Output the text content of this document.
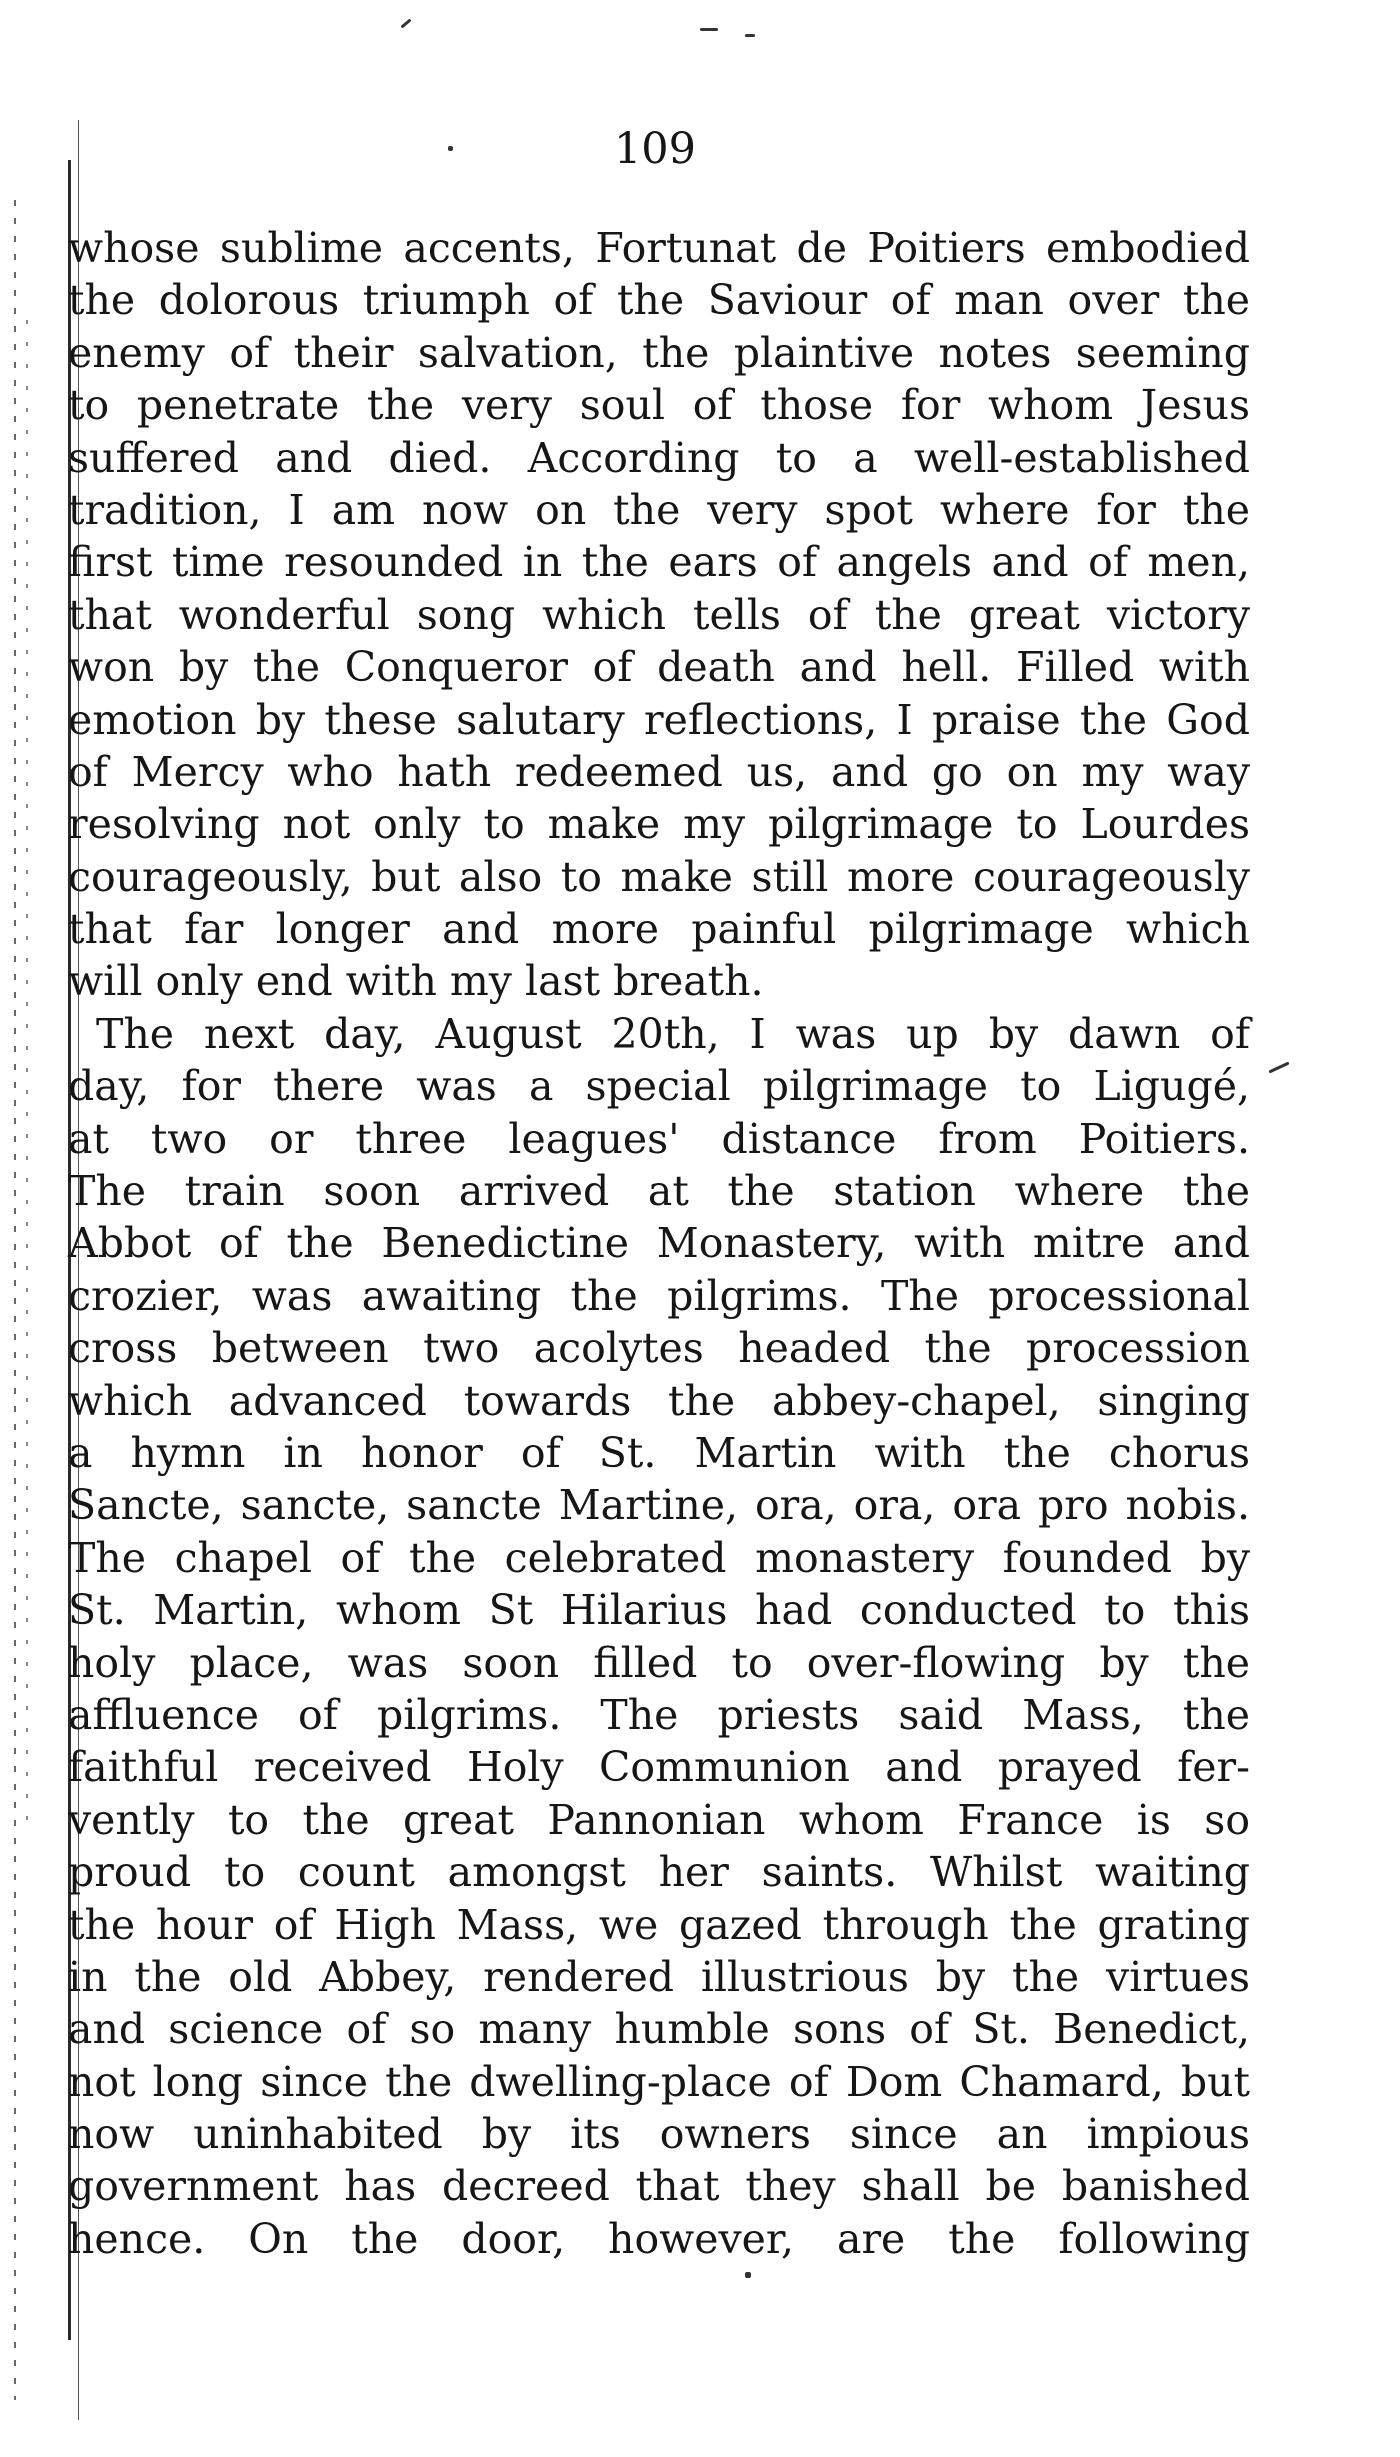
109
whose sublime accents, Fortunat de Poitiers embodied
the dolorous triumph of the Saviour of man over the
enemy of their salvation, the plaintive notes seeming
to penetrate the very soul of those for whom Jesus
suffered and died. According to a well-established
tradition, I am now on the very spot where for the
first time resounded in the ears of angels and of men,
that wonderful song which tells of the great victory
won by the Conqueror of death and hell. Filled with
emotion by these salutary reflections, I praise the God
of Mercy who hath redeemed us, and go on my way
resolving not only to make my pilgrimage to Lourdes
courageously, but also to make still more courageously
that far longer and more painful pilgrimage which
will only end with my last breath.
The next day, August 20th, I was up by dawn of
day, for there was a special pilgrimage to Ligugé,
at two or three leagues' distance from Poitiers.
The train soon arrived at the station where the
Abbot of the Benedictine Monastery, with mitre and
crozier, was awaiting the pilgrims. The processional
cross between two acolytes headed the procession
which advanced towards the abbey-chapel, singing
a hymn in honor of St. Martin with the chorus
Sancte, sancte, sancte Martine, ora, ora, ora pro nobis.
The chapel of the celebrated monastery founded by
St. Martin, whom St Hilarius had conducted to this
holy place, was soon filled to over-flowing by the
affluence of pilgrims. The priests said Mass, the
faithful received Holy Communion and prayed fer-
vently to the great Pannonian whom France is so
proud to count amongst her saints. Whilst waiting
the hour of High Mass, we gazed through the grating
in the old Abbey, rendered illustrious by the virtues
and science of so many humble sons of St. Benedict,
not long since the dwelling-place of Dom Chamard, but
now uninhabited by its owners since an impious
government has decreed that they shall be banished
hence. On the door, however, are the following
